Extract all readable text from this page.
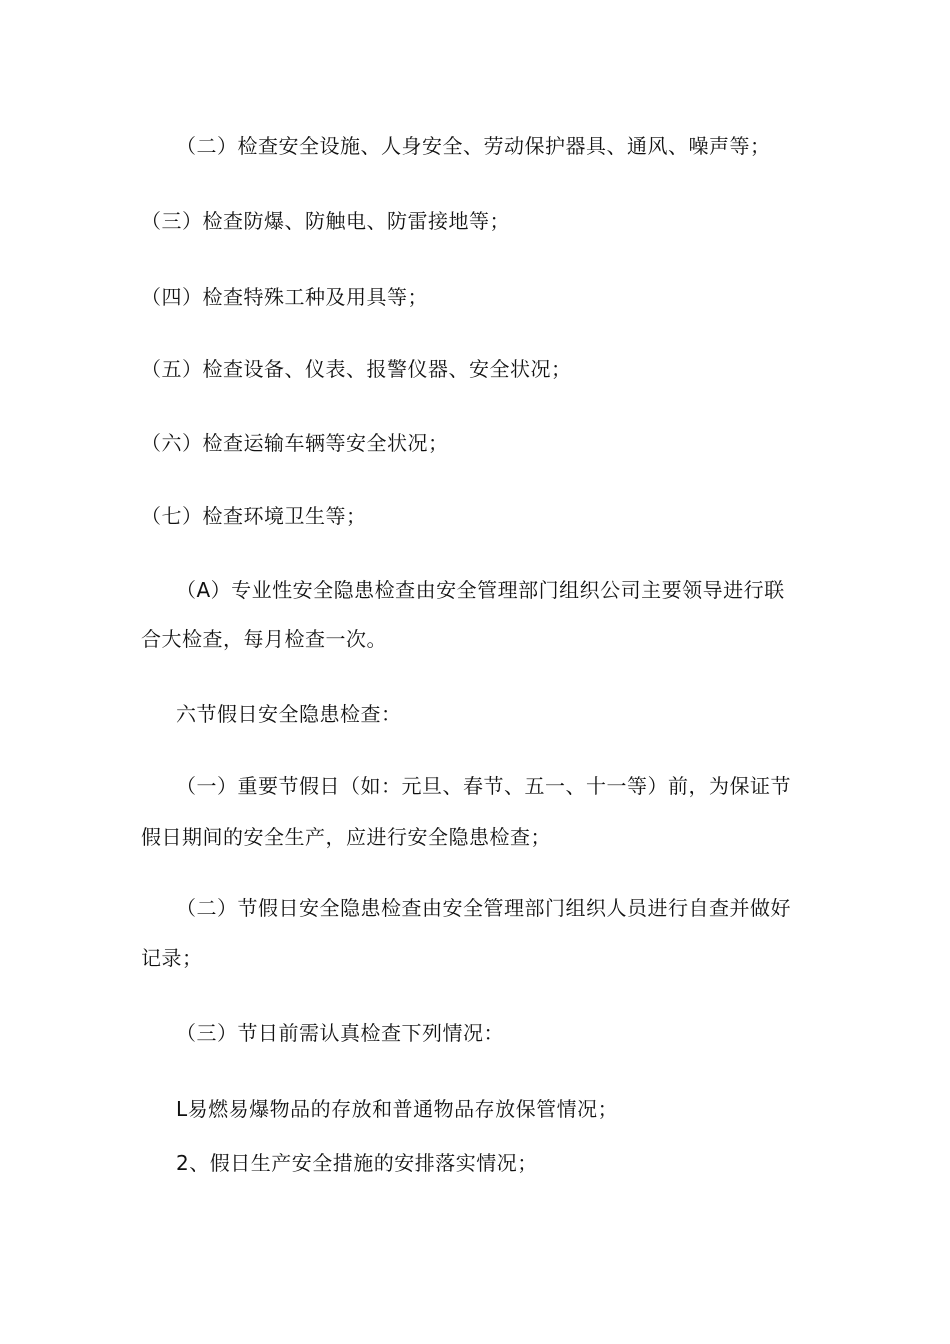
（二）检查安全设施、人身安全、劳动保护器具、通风、噪声等；
（三）检查防爆、防触电、防雷接地等；
（四）检查特殊工种及用具等；
（五）检查设备、仪表、报警仪器、安全状况；
（六）检查运输车辆等安全状况；
（七）检查环境卫生等；
（A）专业性安全隐患检查由安全管理部门组织公司主要领导进行联
合大检查，每月检查一次。
六节假日安全隐患检查：
（一）重要节假日（如：元旦、春节、五一、十一等）前，为保证节
假日期间的安全生产，应进行安全隐患检查；
（二）节假日安全隐患检查由安全管理部门组织人员进行自查并做好
记录；
（三）节日前需认真检查下列情况：
L易燃易爆物品的存放和普通物品存放保管情况；
2、假日生产安全措施的安排落实情况；
